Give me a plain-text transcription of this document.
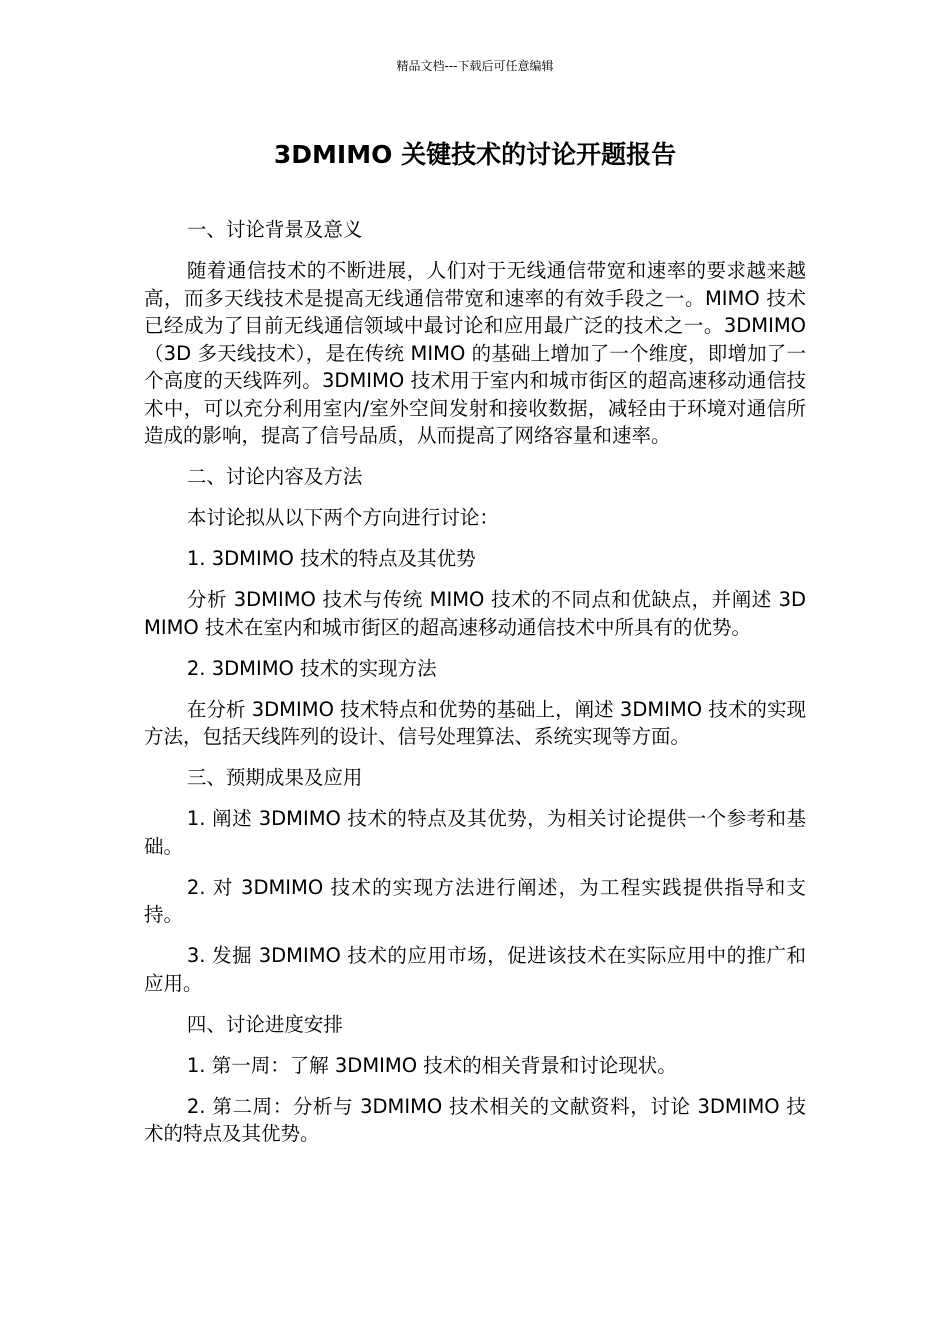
精品文档---下载后可任意编辑
3DMIMO 关键技术的讨论开题报告

一、讨论背景及意义

随着通信技术的不断进展，人们对于无线通信带宽和速率的要求越来越高，而多天线技术是提高无线通信带宽和速率的有效手段之一。MIMO 技术已经成为了目前无线通信领域中最讨论和应用最广泛的技术之一。3DMIMO（3D 多天线技术），是在传统 MIMO 的基础上增加了一个维度，即增加了一个高度的天线阵列。3DMIMO 技术用于室内和城市街区的超高速移动通信技术中，可以充分利用室内/室外空间发射和接收数据，减轻由于环境对通信所造成的影响，提高了信号品质，从而提高了网络容量和速率。

二、讨论内容及方法

本讨论拟从以下两个方向进行讨论：

1. 3DMIMO 技术的特点及其优势

分析 3DMIMO 技术与传统 MIMO 技术的不同点和优缺点，并阐述 3DMIMO 技术在室内和城市街区的超高速移动通信技术中所具有的优势。

2. 3DMIMO 技术的实现方法

在分析 3DMIMO 技术特点和优势的基础上，阐述 3DMIMO 技术的实现方法，包括天线阵列的设计、信号处理算法、系统实现等方面。

三、预期成果及应用

1. 阐述 3DMIMO 技术的特点及其优势，为相关讨论提供一个参考和基础。

2. 对 3DMIMO 技术的实现方法进行阐述，为工程实践提供指导和支持。

3. 发掘 3DMIMO 技术的应用市场，促进该技术在实际应用中的推广和应用。

四、讨论进度安排

1. 第一周：了解 3DMIMO 技术的相关背景和讨论现状。

2. 第二周：分析与 3DMIMO 技术相关的文献资料，讨论 3DMIMO 技术的特点及其优势。
